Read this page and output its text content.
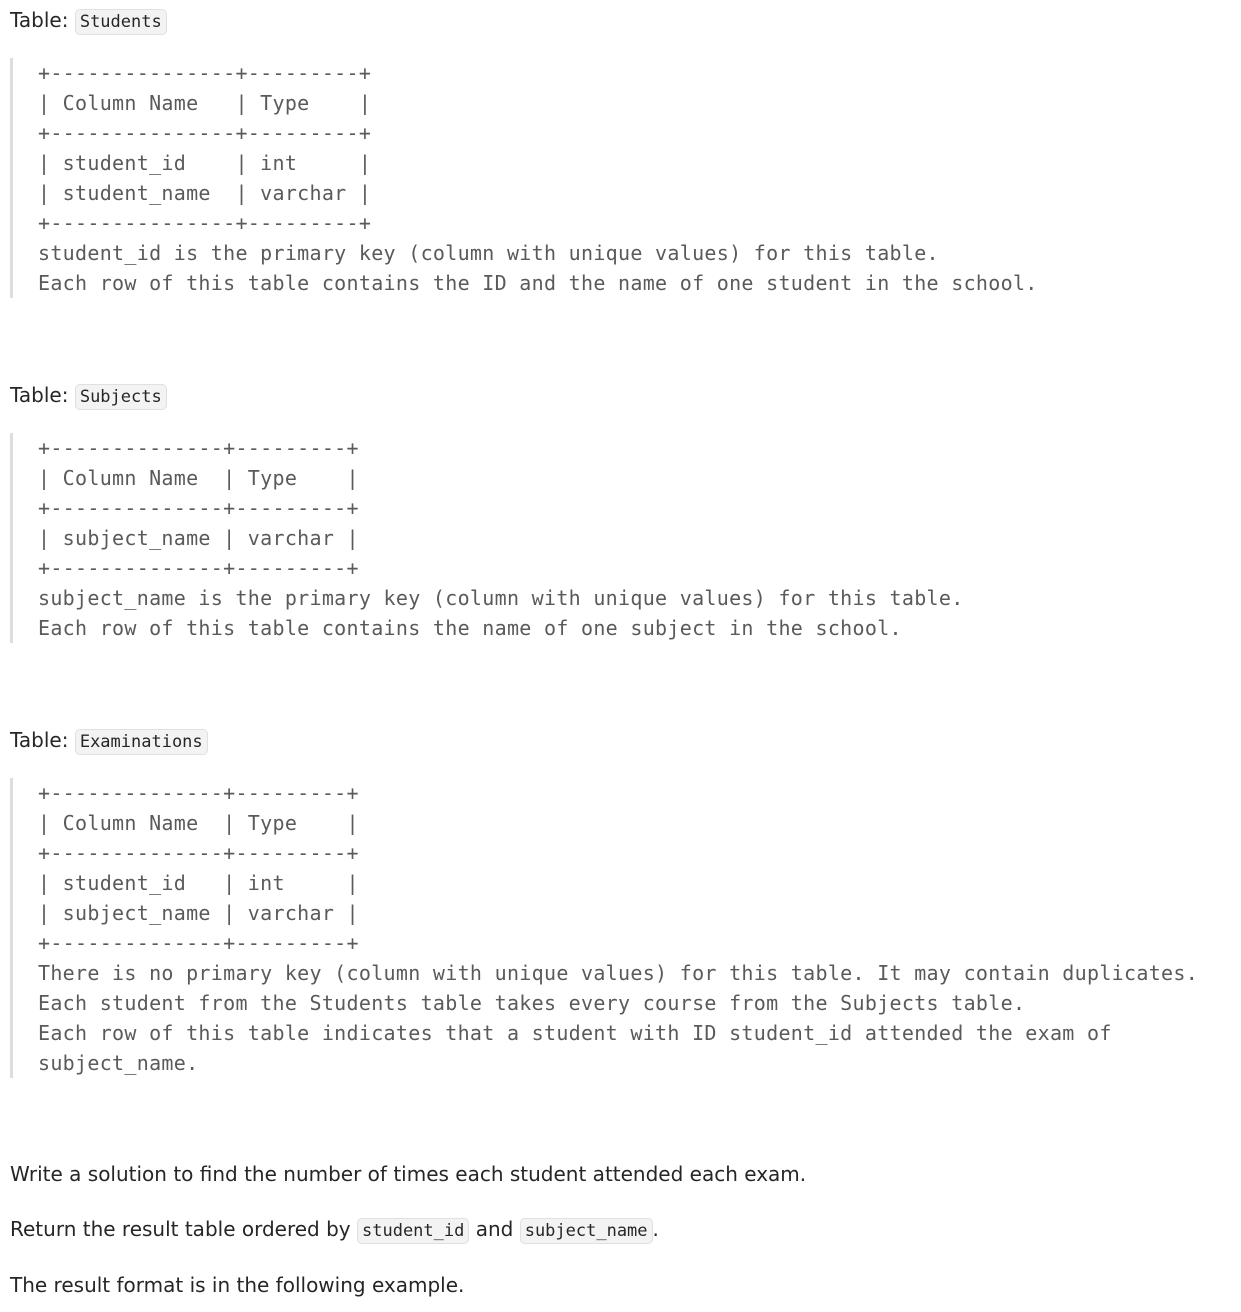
Table: Students

+---------------+---------+
| Column Name   | Type    |
+---------------+---------+
| student_id    | int     |
| student_name  | varchar |
+---------------+---------+
student_id is the primary key (column with unique values) for this table.
Each row of this table contains the ID and the name of one student in the school.

Table: Subjects

+--------------+---------+
| Column Name  | Type    |
+--------------+---------+
| subject_name | varchar |
+--------------+---------+
subject_name is the primary key (column with unique values) for this table.
Each row of this table contains the name of one subject in the school.

Table: Examinations

+--------------+---------+
| Column Name  | Type    |
+--------------+---------+
| student_id   | int     |
| subject_name | varchar |
+--------------+---------+
There is no primary key (column with unique values) for this table. It may contain duplicates.
Each student from the Students table takes every course from the Subjects table.
Each row of this table indicates that a student with ID student_id attended the exam of
subject_name.

Write a solution to find the number of times each student attended each exam.

Return the result table ordered by student_id and subject_name .

The result format is in the following example.
